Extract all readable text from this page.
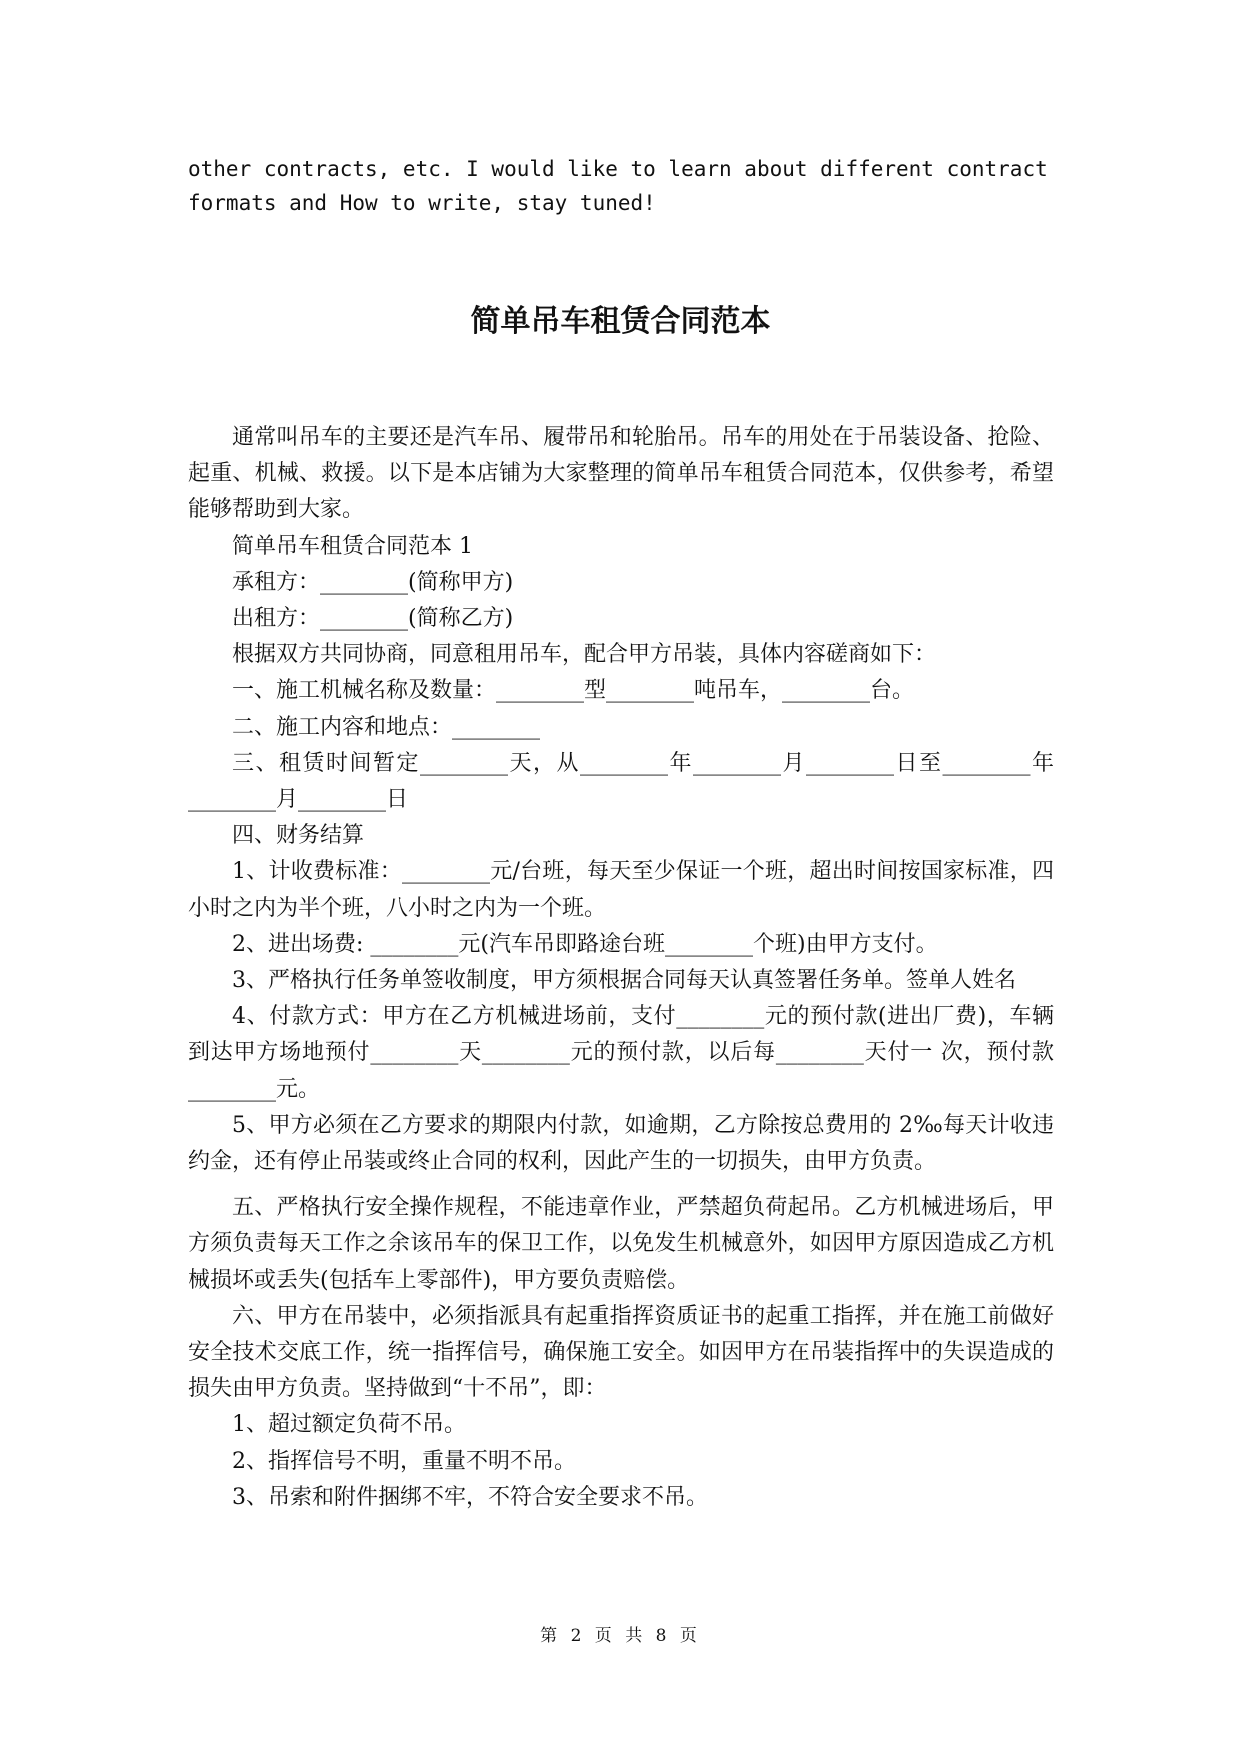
other contracts, etc. I would like to learn about different contract formats and How to write, stay tuned!

简单吊车租赁合同范本

通常叫吊车的主要还是汽车吊、履带吊和轮胎吊。吊车的用处在于吊装设备、抢险、起重、机械、救援。以下是本店铺为大家整理的简单吊车租赁合同范本，仅供参考，希望能够帮助到大家。

简单吊车租赁合同范本 1

承租方：________(简称甲方)

出租方：________(简称乙方)

根据双方共同协商，同意租用吊车，配合甲方吊装，具体内容磋商如下：

一、施工机械名称及数量：________型________吨吊车，________台。

二、施工内容和地点：________

三、租赁时间暂定________天，从________年________月________日至________年________月________日

四、财务结算

1、计收费标准：________元/台班，每天至少保证一个班，超出时间按国家标准，四小时之内为半个班，八小时之内为一个班。

2、进出场费: ________元(汽车吊即路途台班________个班)由甲方支付。

3、严格执行任务单签收制度，甲方须根据合同每天认真签署任务单。签单人姓名

4、付款方式：甲方在乙方机械进场前，支付________元的预付款(进出厂费)，车辆到达甲方场地预付________天________元的预付款，以后每________天付一 次，预付款________元。

5、甲方必须在乙方要求的期限内付款，如逾期，乙方除按总费用的 2‰每天计收违约金，还有停止吊装或终止合同的权利，因此产生的一切损失，由甲方负责。

五、严格执行安全操作规程，不能违章作业，严禁超负荷起吊。乙方机械进场后，甲方须负责每天工作之余该吊车的保卫工作，以免发生机械意外，如因甲方原因造成乙方机械损坏或丢失(包括车上零部件)，甲方要负责赔偿。

六、甲方在吊装中，必须指派具有起重指挥资质证书的起重工指挥，并在施工前做好安全技术交底工作，统一指挥信号，确保施工安全。如因甲方在吊装指挥中的失误造成的损失由甲方负责。坚持做到“十不吊”，即：

1、超过额定负荷不吊。

2、指挥信号不明，重量不明不吊。

3、吊索和附件捆绑不牢，不符合安全要求不吊。

第 2 页 共 8 页
